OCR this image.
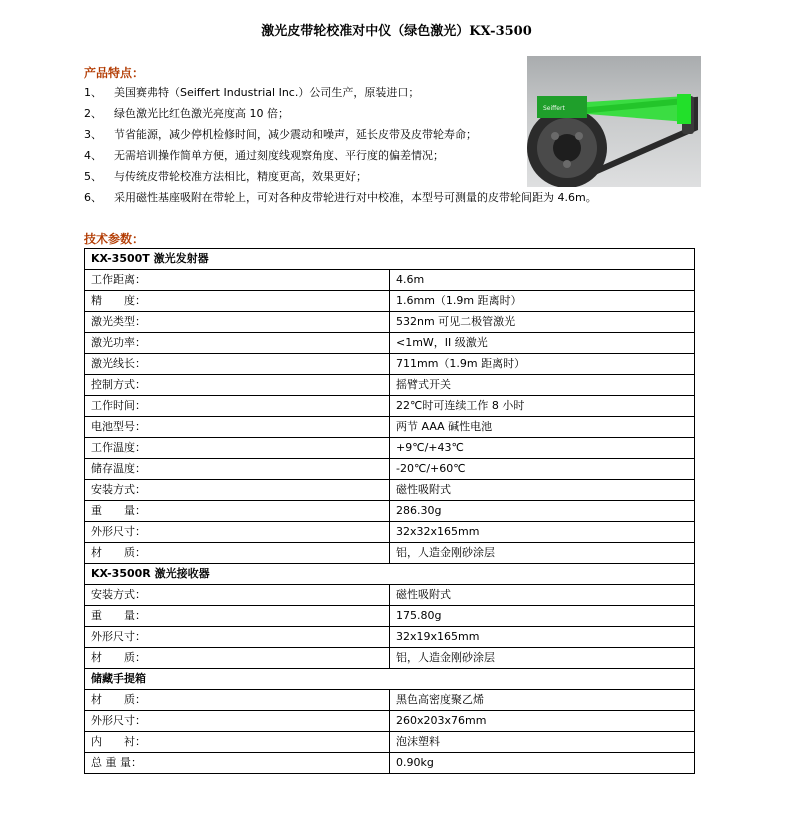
激光皮带轮校准对中仪（绿色激光）KX-3500
产品特点：
1、	美国赛弗特（Seiffert Industrial Inc.）公司生产，原装进口；
2、	绿色激光比红色激光亮度高 10 倍；
3、	节省能源，减少停机检修时间，减少震动和噪声，延长皮带及皮带轮寿命；
4、	无需培训操作简单方便，通过刻度线观察角度、平行度的偏差情况；
5、	与传统皮带轮校准方法相比，精度更高，效果更好；
6、	采用磁性基座吸附在带轮上，可对各种皮带轮进行对中校准，本型号可测量的皮带轮间距为 4.6m。
Seiffert
技术参数：
KX-3500T 激光发射器	
工作距离：	4.6m
精　　度：	1.6mm（1.9m 距离时）
激光类型：	532nm 可见二极管激光
激光功率：	<1mW，II 级激光
激光线长：	711mm（1.9m 距离时）
控制方式：	摇臂式开关
工作时间：	22℃时可连续工作 8 小时
电池型号：	两节 AAA 碱性电池
工作温度：	+9℃/+43℃
储存温度：	-20℃/+60℃
安装方式：	磁性吸附式
重　　量：	286.30g
外形尺寸：	32x32x165mm
材　　质：	铝，人造金刚砂涂层
KX-3500R 激光接收器	
安装方式：	磁性吸附式
重　　量：	175.80g
外形尺寸：	32x19x165mm
材　　质：	铝，人造金刚砂涂层
储藏手提箱	
材　　质：	黑色高密度聚乙烯
外形尺寸：	260x203x76mm
内　　衬：	泡沫塑料
总 重 量：	0.90kg
